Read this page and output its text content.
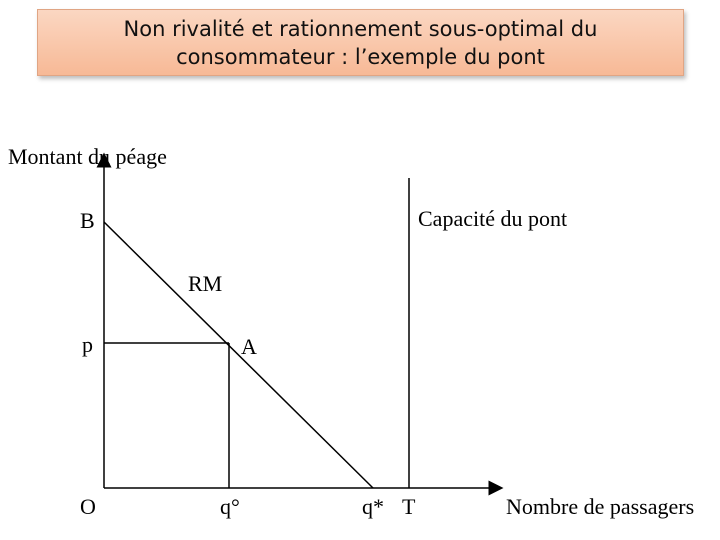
Non rivalité et rationnement sous-optimal du
consommateur : l’exemple du pont
Montant du péage
Nombre de passagers
B
p
O
RM
A
q°	q* T
Capacité du pont
